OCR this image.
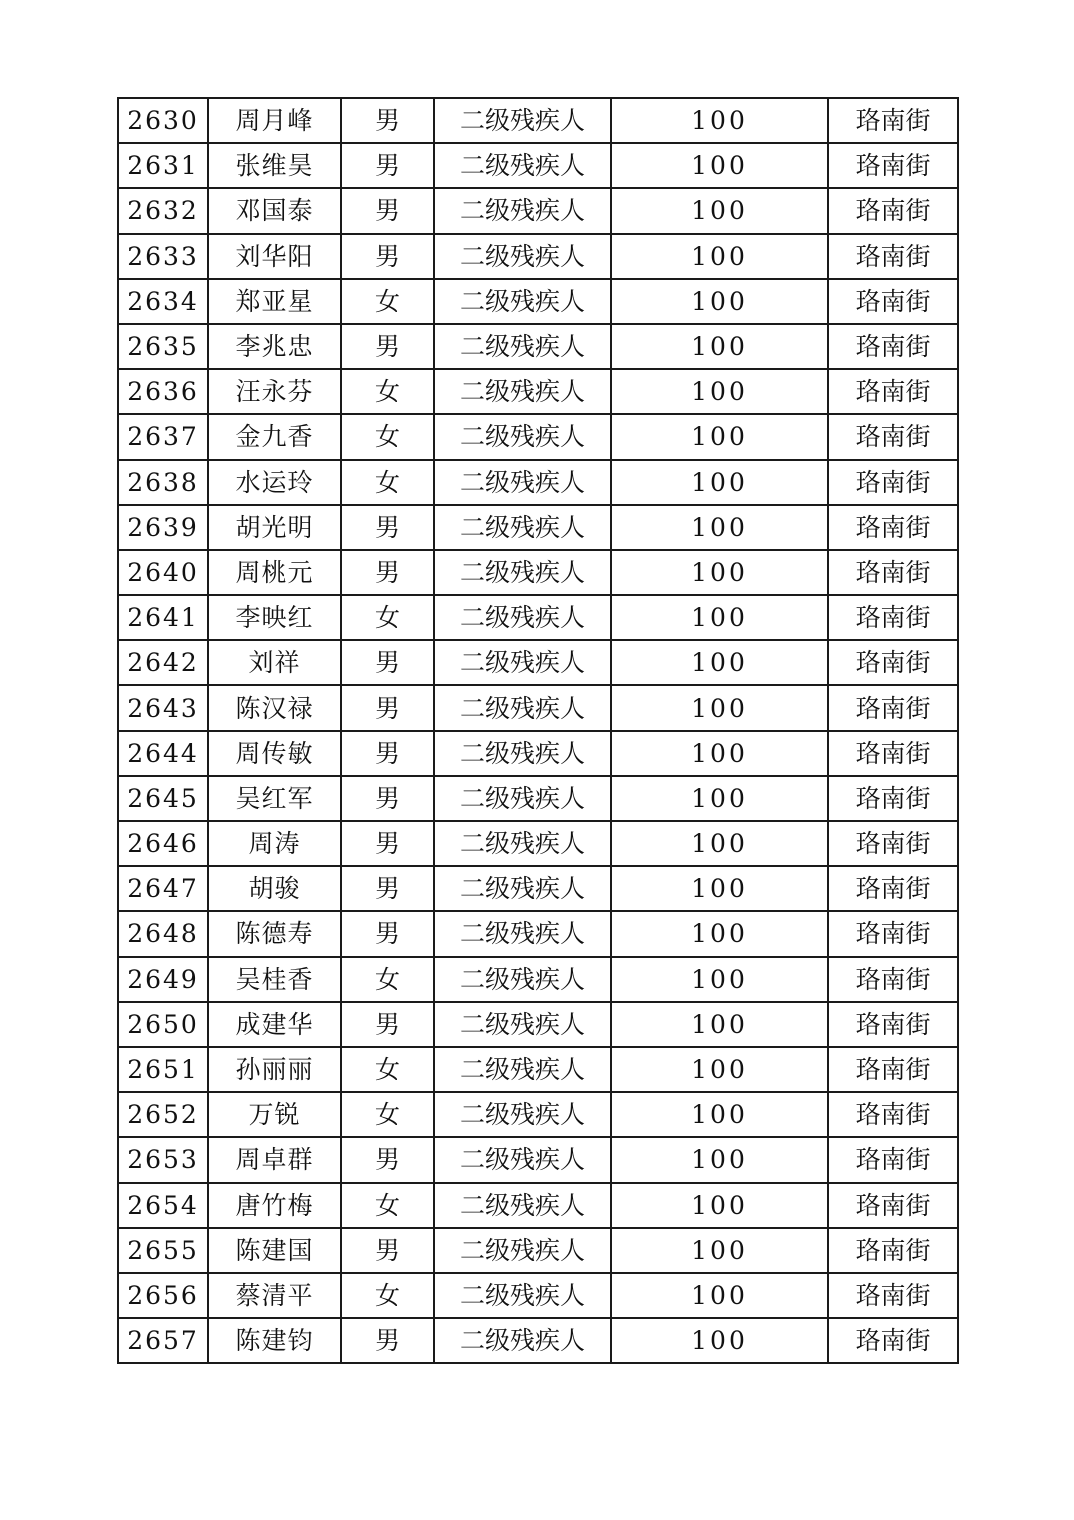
2630	周月峰	男	二级残疾人	100	珞南街
2631	张维昊	男	二级残疾人	100	珞南街
2632	邓国泰	男	二级残疾人	100	珞南街
2633	刘华阳	男	二级残疾人	100	珞南街
2634	郑亚星	女	二级残疾人	100	珞南街
2635	李兆忠	男	二级残疾人	100	珞南街
2636	汪永芬	女	二级残疾人	100	珞南街
2637	金九香	女	二级残疾人	100	珞南街
2638	水运玲	女	二级残疾人	100	珞南街
2639	胡光明	男	二级残疾人	100	珞南街
2640	周桃元	男	二级残疾人	100	珞南街
2641	李映红	女	二级残疾人	100	珞南街
2642	刘祥	男	二级残疾人	100	珞南街
2643	陈汉禄	男	二级残疾人	100	珞南街
2644	周传敏	男	二级残疾人	100	珞南街
2645	吴红军	男	二级残疾人	100	珞南街
2646	周涛	男	二级残疾人	100	珞南街
2647	胡骏	男	二级残疾人	100	珞南街
2648	陈德寿	男	二级残疾人	100	珞南街
2649	吴桂香	女	二级残疾人	100	珞南街
2650	成建华	男	二级残疾人	100	珞南街
2651	孙丽丽	女	二级残疾人	100	珞南街
2652	万锐	女	二级残疾人	100	珞南街
2653	周卓群	男	二级残疾人	100	珞南街
2654	唐竹梅	女	二级残疾人	100	珞南街
2655	陈建国	男	二级残疾人	100	珞南街
2656	蔡清平	女	二级残疾人	100	珞南街
2657	陈建钧	男	二级残疾人	100	珞南街
